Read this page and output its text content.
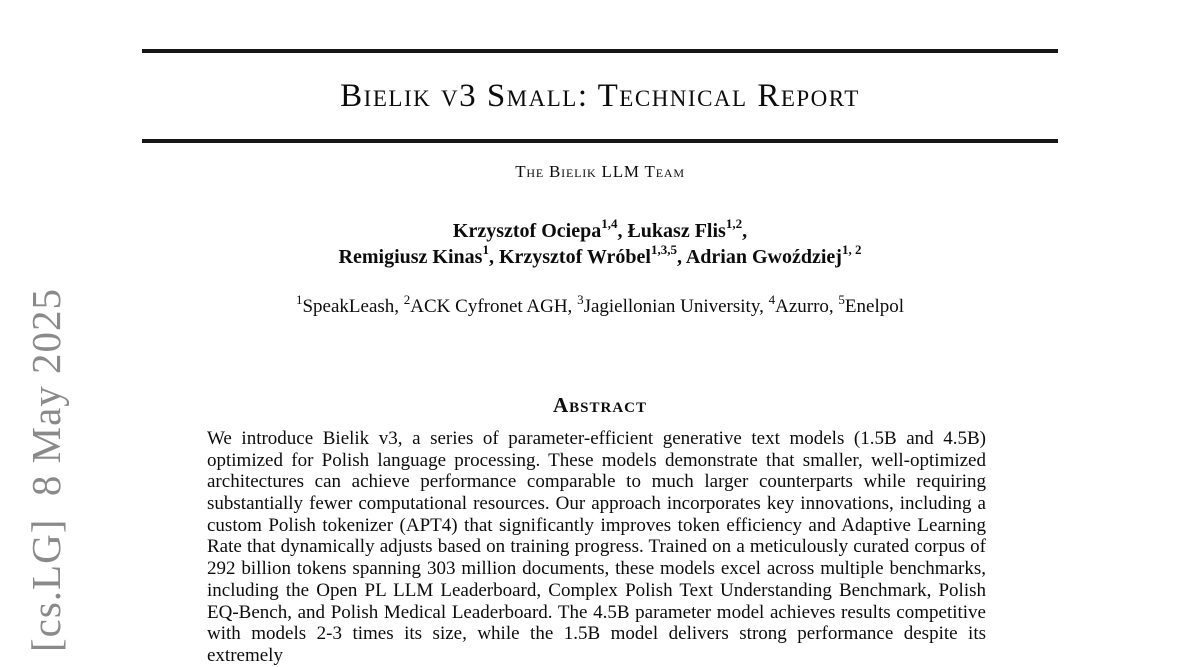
[cs.LG]  8 May 2025
Bielik v3 Small: Technical Report
The Bielik LLM Team
Krzysztof Ociepa$^{1,4}$, Łukasz Flis$^{1,2}$,
Remigiusz Kinas$^1$, Krzysztof Wróbel$^{1,3,5}$, Adrian Gwoździej$^{1, 2}$
$^1$SpeakLeash, $^2$ACK Cyfronet AGH, $^3$Jagiellonian University, $^4$Azurro, $^5$Enelpol
Abstract
We introduce Bielik v3, a series of parameter-efficient generative text models (1.5B and 4.5B)
optimized for Polish language processing. These models demonstrate that smaller, well-optimized
architectures can achieve performance comparable to much larger counterparts while requiring
substantially fewer computational resources. Our approach incorporates key innovations, including a
custom Polish tokenizer (APT4) that significantly improves token efficiency and Adaptive Learning
Rate that dynamically adjusts based on training progress. Trained on a meticulously curated corpus of
292 billion tokens spanning 303 million documents, these models excel across multiple benchmarks,
including the Open PL LLM Leaderboard, Complex Polish Text Understanding Benchmark, Polish
EQ-Bench, and Polish Medical Leaderboard. The 4.5B parameter model achieves results competitive
with models 2-3 times its size, while the 1.5B model delivers strong performance despite its extremely
